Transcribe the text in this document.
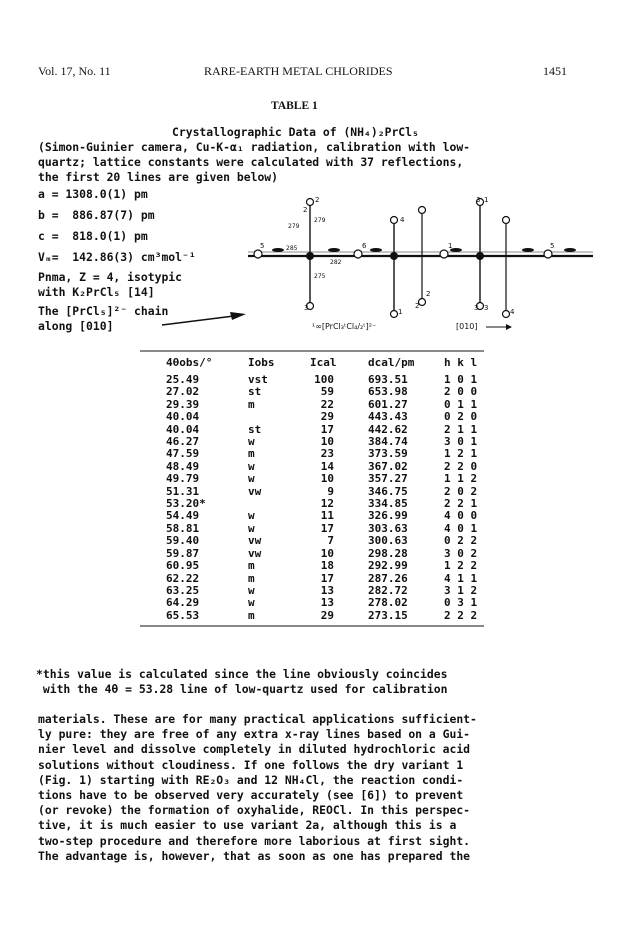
Vol. 17, No. 11	RARE-EARTH METAL CHLORIDES	1451
TABLE 1
Crystallographic Data of (NH₄)₂PrCl₅
(Simon-Guinier camera, Cu-K-α₁ radiation, calibration with low-
quartz; lattice constants were calculated with 37 reflections,
the first 20 lines are given below)
a = 1308.0(1) pm
b =  886.87(7) pm
c =  818.0(1) pm
Vₘ=  142.86(3) cm³mol⁻¹
Pnma, Z = 4, isotypic
with K₂PrCl₅ [14]
The [PrCl₅]²⁻ chain
along [010]
2
3
4
5	6	1
2
3
4
5
1
2
3
1
2	3
279
279
285
282
275
¹∞[PrCl₃ᵗCl₄/₂ᵗ]²⁻	[010]
4θobs/°	Iobs	Ical	dcal/pm	h k l
25.49	vst	100	693.51	1 0 1
27.02	st	59	653.98	2 0 0
29.39	m	22	601.27	0 1 1
40.04		29	443.43	0 2 0
40.04	st	17	442.62	2 1 1
46.27	w	10	384.74	3 0 1
47.59	m	23	373.59	1 2 1
48.49	w	14	367.02	2 2 0
49.79	w	10	357.27	1 1 2
51.31	vw	9	346.75	2 0 2
53.20*		12	334.85	2 2 1
54.49	w	11	326.99	4 0 0
58.81	w	17	303.63	4 0 1
59.40	vw	7	300.63	0 2 2
59.87	vw	10	298.28	3 0 2
60.95	m	18	292.99	1 2 2
62.22	m	17	287.26	4 1 1
63.25	w	13	282.72	3 1 2
64.29	w	13	278.02	0 3 1
65.53	m	29	273.15	2 2 2
*this value is calculated since the line obviously coincides
with the 4θ = 53.28 line of low-quartz used for calibration
materials. These are for many practical applications sufficient-
ly pure: they are free of any extra x-ray lines based on a Gui-
nier level and dissolve completely in diluted hydrochloric acid
solutions without cloudiness. If one follows the dry variant 1
(Fig. 1) starting with RE₂O₃ and 12 NH₄Cl, the reaction condi-
tions have to be observed very accurately (see [6]) to prevent
(or revoke) the formation of oxyhalide, REOCl. In this perspec-
tive, it is much easier to use variant 2a, although this is a
two-step procedure and therefore more laborious at first sight.
The advantage is, however, that as soon as one has prepared the
